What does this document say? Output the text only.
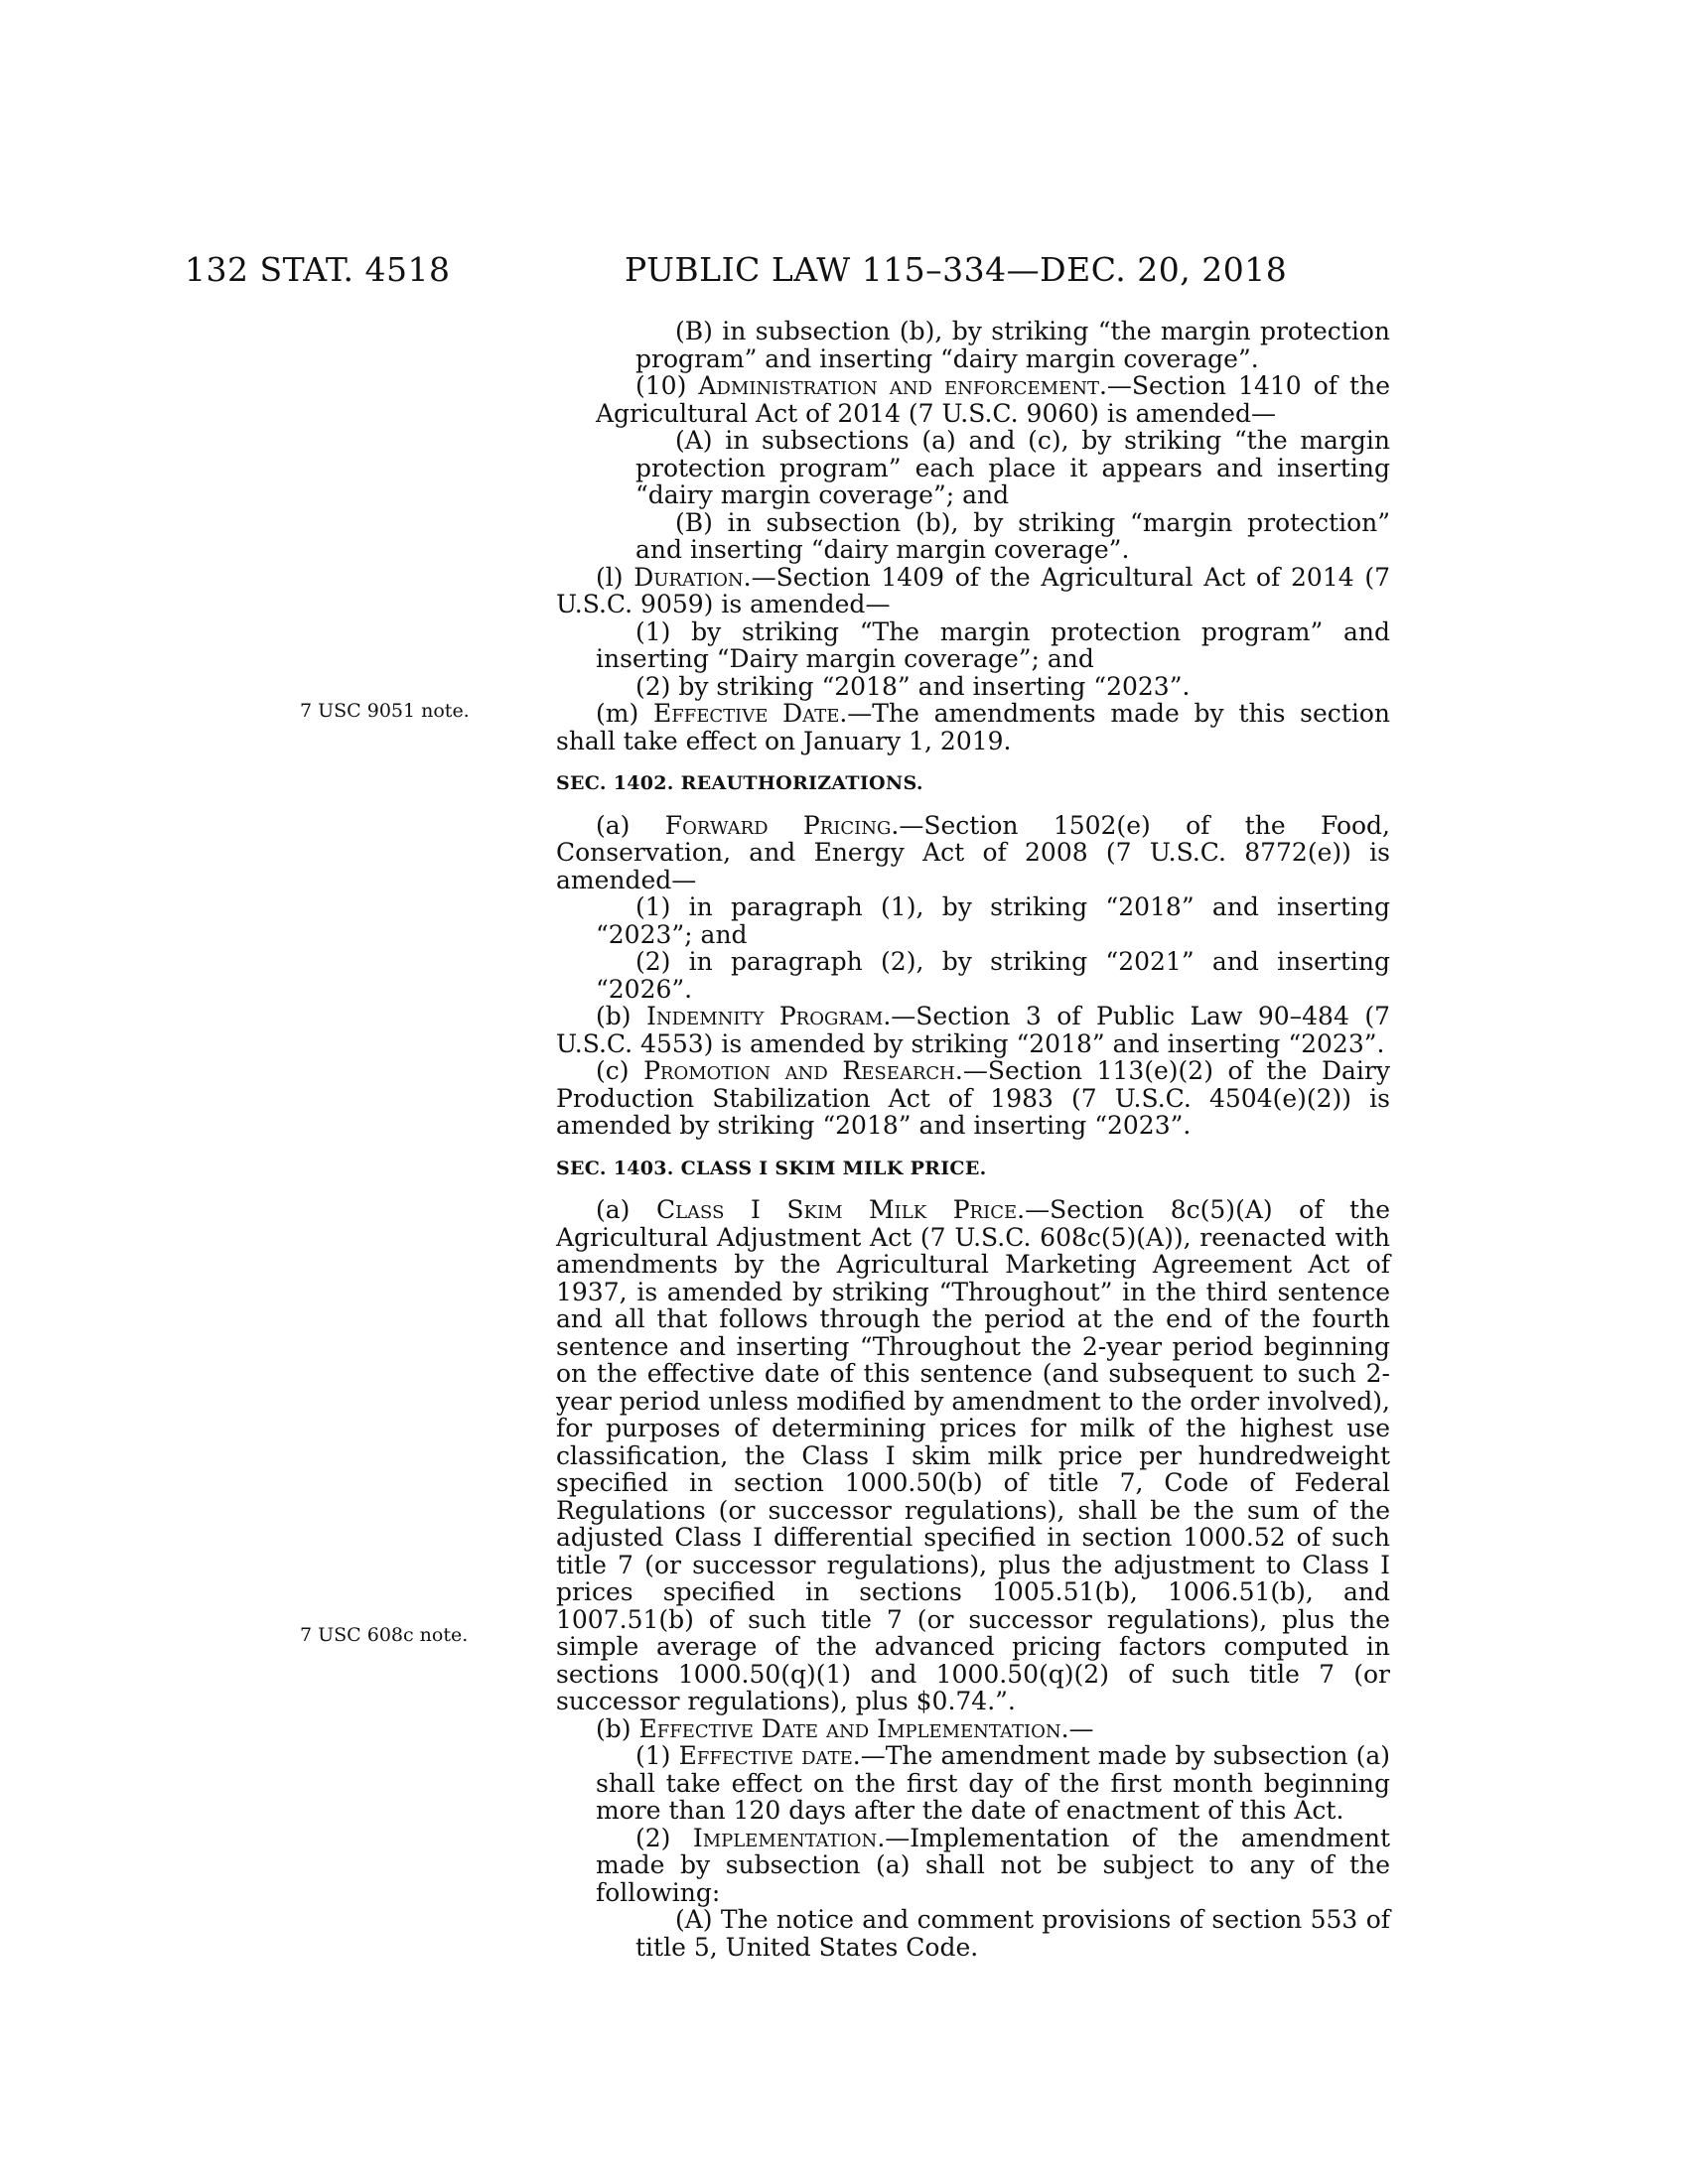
132 STAT. 4518	PUBLIC LAW 115–334—DEC. 20, 2018
7 USC 9051 note.
7 USC 608c note.

(B) in subsection (b), by striking “the margin protection program” and inserting “dairy margin coverage”.

(10) Administration and enforcement.—Section 1410 of the Agricultural Act of 2014 (7 U.S.C. 9060) is amended—

(A) in subsections (a) and (c), by striking “the margin protection program” each place it appears and inserting “dairy margin coverage”; and

(B) in subsection (b), by striking “margin protection” and inserting “dairy margin coverage”.

(l) Duration.—Section 1409 of the Agricultural Act of 2014 (7 U.S.C. 9059) is amended—

(1) by striking “The margin protection program” and inserting “Dairy margin coverage”; and

(2) by striking “2018” and inserting “2023”.

(m) Effective Date.—The amendments made by this section shall take effect on January 1, 2019.

SEC. 1402. REAUTHORIZATIONS.

(a) Forward Pricing.—Section 1502(e) of the Food, Conservation, and Energy Act of 2008 (7 U.S.C. 8772(e)) is amended—

(1) in paragraph (1), by striking “2018” and inserting “2023”; and

(2) in paragraph (2), by striking “2021” and inserting “2026”.

(b) Indemnity Program.—Section 3 of Public Law 90–484 (7 U.S.C. 4553) is amended by striking “2018” and inserting “2023”.

(c) Promotion and Research.—Section 113(e)(2) of the Dairy Production Stabilization Act of 1983 (7 U.S.C. 4504(e)(2)) is amended by striking “2018” and inserting “2023”.

SEC. 1403. CLASS I SKIM MILK PRICE.

(a) Class I Skim Milk Price.—Section 8c(5)(A) of the Agricultural Adjustment Act (7 U.S.C. 608c(5)(A)), reenacted with amendments by the Agricultural Marketing Agreement Act of 1937, is amended by striking “Throughout” in the third sentence and all that follows through the period at the end of the fourth sentence and inserting “Throughout the 2-year period beginning on the effective date of this sentence (and subsequent to such 2-year period unless modified by amendment to the order involved), for purposes of determining prices for milk of the highest use classification, the Class I skim milk price per hundredweight specified in section 1000.50(b) of title 7, Code of Federal Regulations (or successor regulations), shall be the sum of the adjusted Class I differential specified in section 1000.52 of such title 7 (or successor regulations), plus the adjustment to Class I prices specified in sections 1005.51(b), 1006.51(b), and 1007.51(b) of such title 7 (or successor regulations), plus the simple average of the advanced pricing factors computed in sections 1000.50(q)(1) and 1000.50(q)(2) of such title 7 (or successor regulations), plus $0.74.”.

(b) Effective Date and Implementation.—

(1) Effective date.—The amendment made by subsection (a) shall take effect on the first day of the first month beginning more than 120 days after the date of enactment of this Act.

(2) Implementation.—Implementation of the amendment made by subsection (a) shall not be subject to any of the following:

(A) The notice and comment provisions of section 553 of title 5, United States Code.
